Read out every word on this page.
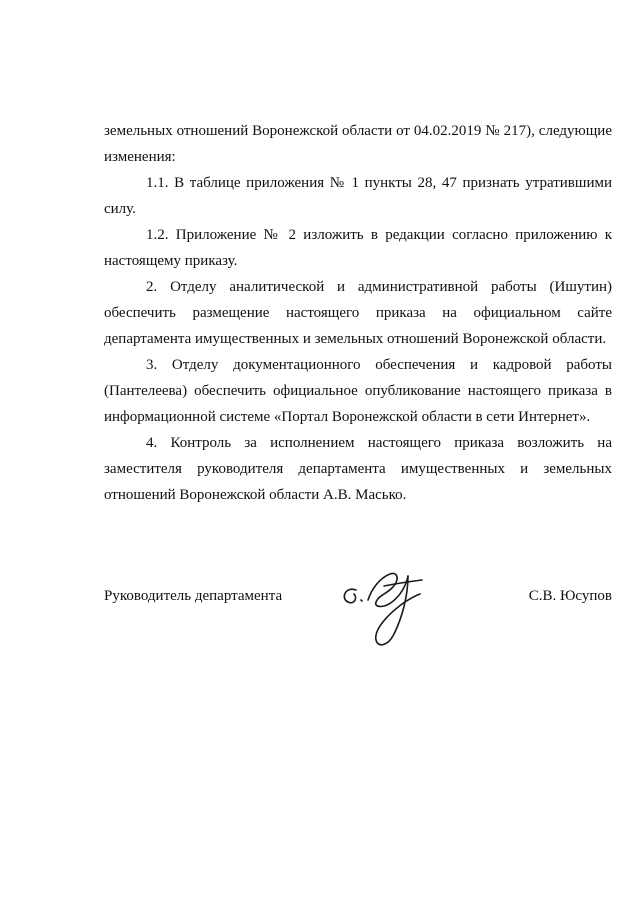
земельных отношений Воронежской области от 04.02.2019 № 217), следующие изменения:

1.1. В таблице приложения № 1 пункты 28, 47 признать утратившими силу.

1.2. Приложение № 2 изложить в редакции согласно приложению к настоящему приказу.

2. Отделу аналитической и административной работы (Ишутин) обеспечить размещение настоящего приказа на официальном сайте департамента имущественных и земельных отношений Воронежской области.

3. Отделу документационного обеспечения и кадровой работы (Пантелеева) обеспечить официальное опубликование настоящего приказа в информационной системе «Портал Воронежской области в сети Интернет».

4. Контроль за исполнением настоящего приказа возложить на заместителя руководителя департамента имущественных и земельных отношений Воронежской области А.В. Масько.

Руководитель департамента	С.В. Юсупов
